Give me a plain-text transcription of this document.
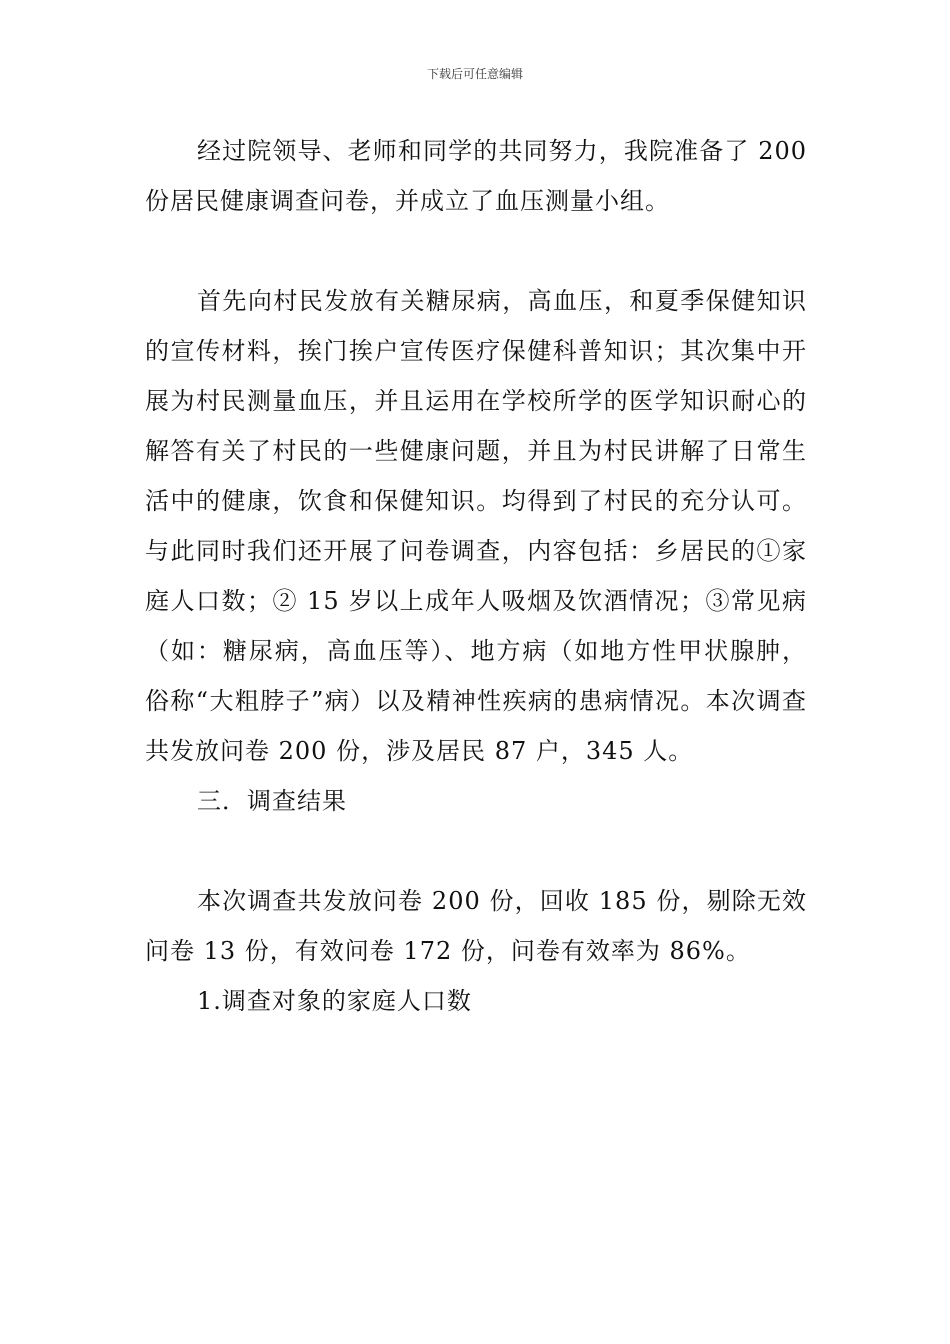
下载后可任意编辑

经过院领导、老师和同学的共同努力，我院准备了 200 份居民健康调查问卷，并成立了血压测量小组。

首先向村民发放有关糖尿病，高血压，和夏季保健知识的宣传材料，挨门挨户宣传医疗保健科普知识；其次集中开展为村民测量血压，并且运用在学校所学的医学知识耐心的解答有关了村民的一些健康问题，并且为村民讲解了日常生活中的健康，饮食和保健知识。均得到了村民的充分认可。与此同时我们还开展了问卷调查，内容包括：乡居民的①家庭人口数；② 15 岁以上成年人吸烟及饮酒情况；③常见病（如：糖尿病，高血压等）、地方病（如地方性甲状腺肿，俗称“大粗脖子”病）以及精神性疾病的患病情况。本次调查共发放问卷 200 份，涉及居民 87 户，345 人。

三．调查结果

本次调查共发放问卷 200 份，回收 185 份，剔除无效问卷 13 份，有效问卷 172 份，问卷有效率为 86%。

1.调查对象的家庭人口数
